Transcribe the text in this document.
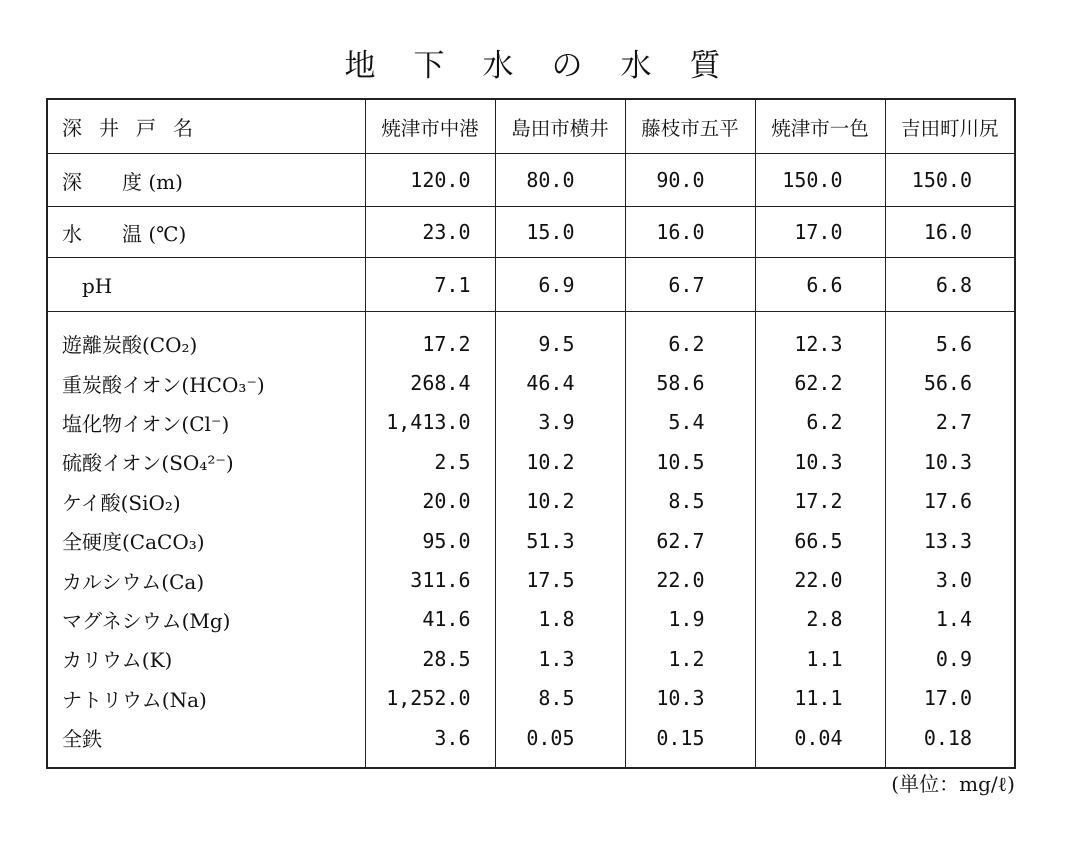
地下水の水質
深井戸名	焼津市中港	島田市横井	藤枝市五平	焼津市一色	吉田町川尻
深　　度 (m)	120.0	80.0	90.0	150.0	150.0
水　　温 (℃)	23.0	15.0	16.0	17.0	16.0
　pH	7.1	6.9	6.7	6.6	6.8
遊離炭酸(CO₂)	17.2	9.5	6.2	12.3	5.6
重炭酸イオン(HCO₃⁻)	268.4	46.4	58.6	62.2	56.6
塩化物イオン(Cl⁻)	1,413.0	3.9	5.4	6.2	2.7
硫酸イオン(SO₄²⁻)	2.5	10.2	10.5	10.3	10.3
ケイ酸(SiO₂)	20.0	10.2	8.5	17.2	17.6
全硬度(CaCO₃)	95.0	51.3	62.7	66.5	13.3
カルシウム(Ca)	311.6	17.5	22.0	22.0	3.0
マグネシウム(Mg)	41.6	1.8	1.9	2.8	1.4
カリウム(K)	28.5	1.3	1.2	1.1	0.9
ナトリウム(Na)	1,252.0	8.5	10.3	11.1	17.0
全鉄	3.6	0.05	0.15	0.04	0.18
(単位：mg/ℓ)
